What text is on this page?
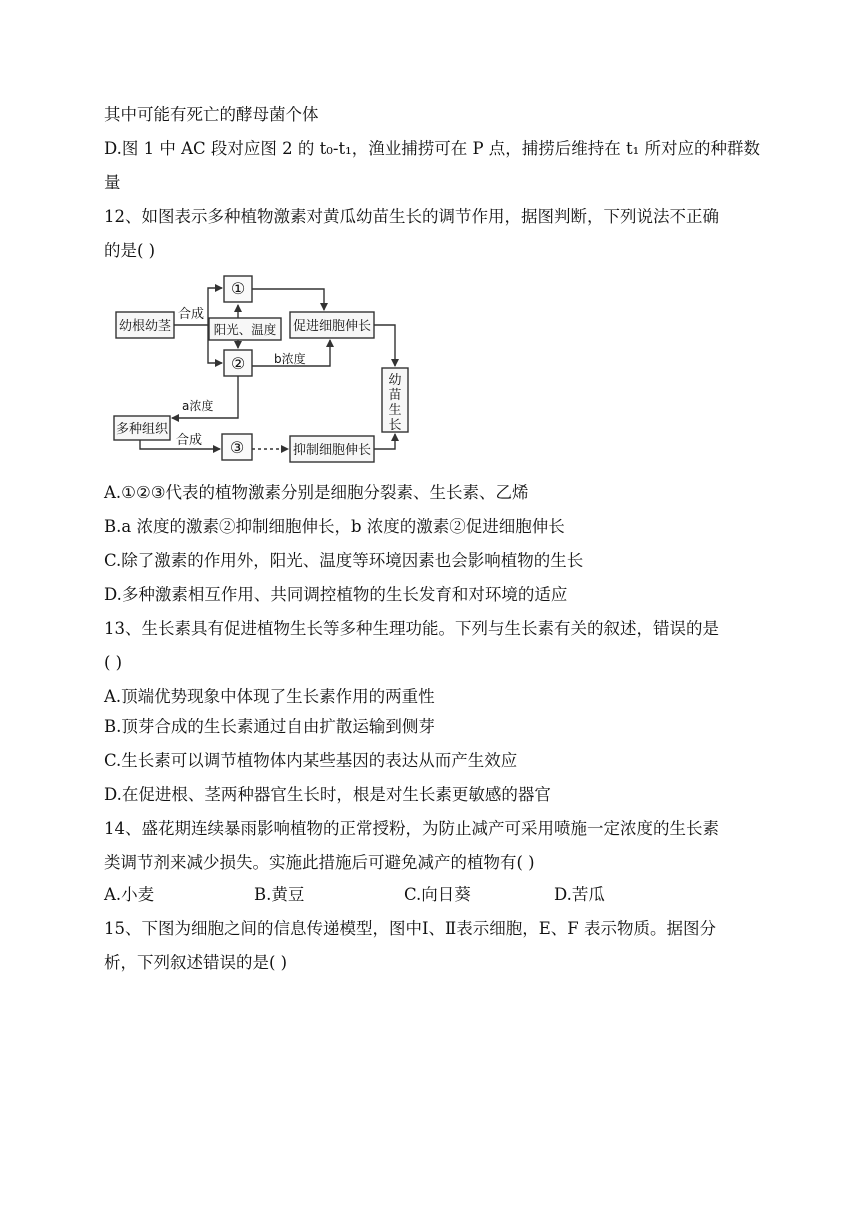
其中可能有死亡的酵母菌个体
D.图 1 中 AC 段对应图 2 的 t₀-t₁，渔业捕捞可在 P 点，捕捞后维持在 t₁ 所对应的种群数
量
12、如图表示多种植物激素对黄瓜幼苗生长的调节作用，据图判断，下列说法不正确
的是( )
幼根幼茎
合成
①
②
阳光、温度 促进细胞伸长
b浓度
a浓度
多种组织
合成 ③	抑制细胞伸长
幼
苗
生
长
A.①②③代表的植物激素分别是细胞分裂素、生长素、乙烯
B.a 浓度的激素②抑制细胞伸长，b 浓度的激素②促进细胞伸长
C.除了激素的作用外，阳光、温度等环境因素也会影响植物的生长
D.多种激素相互作用、共同调控植物的生长发育和对环境的适应
13、生长素具有促进植物生长等多种生理功能。下列与生长素有关的叙述，错误的是
( )
A.顶端优势现象中体现了生长素作用的两重性
B.顶芽合成的生长素通过自由扩散运输到侧芽
C.生长素可以调节植物体内某些基因的表达从而产生效应
D.在促进根、茎两种器官生长时，根是对生长素更敏感的器官
14、盛花期连续暴雨影响植物的正常授粉，为防止减产可采用喷施一定浓度的生长素
类调节剂来减少损失。实施此措施后可避免减产的植物有( )
A.小麦	B.黄豆	C.向日葵	D.苦瓜
15、下图为细胞之间的信息传递模型，图中Ⅰ、Ⅱ表示细胞，E、F 表示物质。据图分
析，下列叙述错误的是( )
